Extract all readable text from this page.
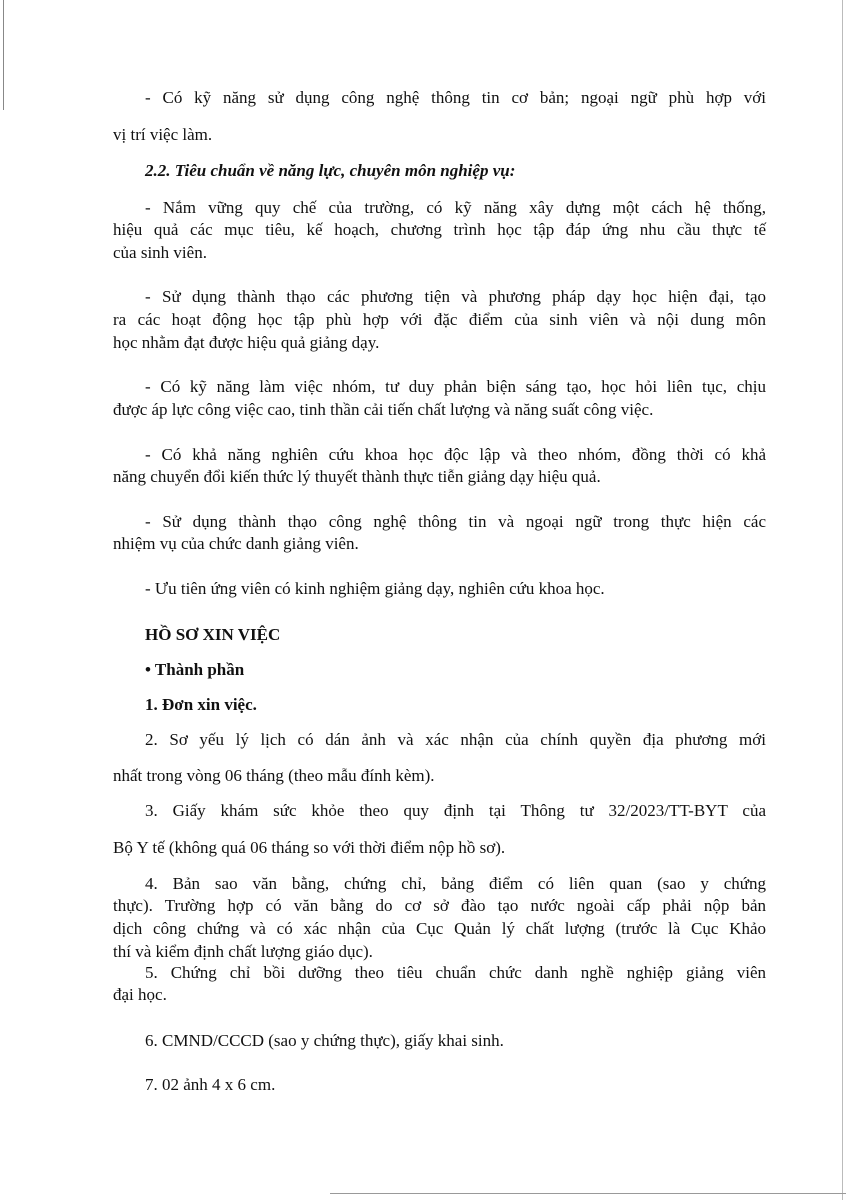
- Có kỹ năng sử dụng công nghệ thông tin cơ bản; ngoại ngữ phù hợp với
vị trí việc làm.
2.2. Tiêu chuẩn về năng lực, chuyên môn nghiệp vụ:
- Nắm vững quy chế của trường, có kỹ năng xây dựng một cách hệ thống,
hiệu quả các mục tiêu, kế hoạch, chương trình học tập đáp ứng nhu cầu thực tế
của sinh viên.
- Sử dụng thành thạo các phương tiện và phương pháp dạy học hiện đại, tạo
ra các hoạt động học tập phù hợp với đặc điểm của sinh viên và nội dung môn
học nhằm đạt được hiệu quả giảng dạy.
- Có kỹ năng làm việc nhóm, tư duy phản biện sáng tạo, học hỏi liên tục, chịu
được áp lực công việc cao, tinh thần cải tiến chất lượng và năng suất công việc.
- Có khả năng nghiên cứu khoa học độc lập và theo nhóm, đồng thời có khả
năng chuyển đổi kiến thức lý thuyết thành thực tiễn giảng dạy hiệu quả.
- Sử dụng thành thạo công nghệ thông tin và ngoại ngữ trong thực hiện các
nhiệm vụ của chức danh giảng viên.
- Ưu tiên ứng viên có kinh nghiệm giảng dạy, nghiên cứu khoa học.
HỒ SƠ XIN VIỆC
• Thành phần
1. Đơn xin việc.
2. Sơ yếu lý lịch có dán ảnh và xác nhận của chính quyền địa phương mới
nhất trong vòng 06 tháng (theo mẫu đính kèm).
3. Giấy khám sức khỏe theo quy định tại Thông tư 32/2023/TT-BYT của
Bộ Y tế (không quá 06 tháng so với thời điểm nộp hồ sơ).
4. Bản sao văn bằng, chứng chỉ, bảng điểm có liên quan (sao y chứng
thực). Trường hợp có văn bằng do cơ sở đào tạo nước ngoài cấp phải nộp bản
dịch công chứng và có xác nhận của Cục Quản lý chất lượng (trước là Cục Khảo
thí và kiểm định chất lượng giáo dục).
5. Chứng chỉ bồi dưỡng theo tiêu chuẩn chức danh nghề nghiệp giảng viên
đại học.
6. CMND/CCCD (sao y chứng thực), giấy khai sinh.
7. 02 ảnh 4 x 6 cm.
